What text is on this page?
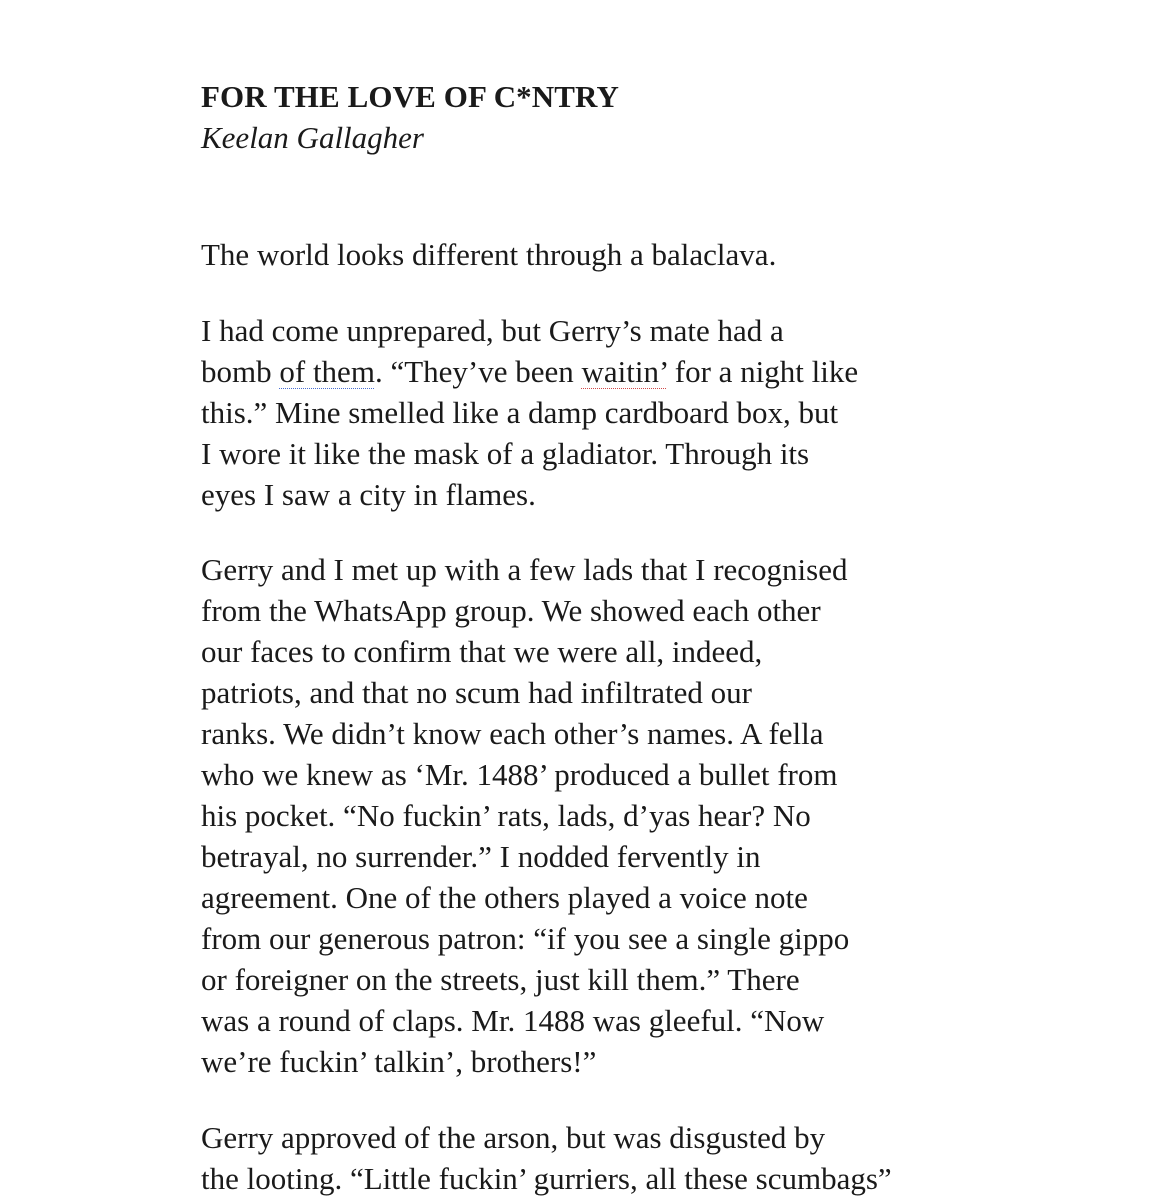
FOR THE LOVE OF C*NTRY
Keelan Gallagher

The world looks different through a balaclava.

I had come unprepared, but Gerry’s mate had a
bomb of them. “They’ve been waitin’ for a night like
this.” Mine smelled like a damp cardboard box, but
I wore it like the mask of a gladiator. Through its
eyes I saw a city in flames.

Gerry and I met up with a few lads that I recognised
from the WhatsApp group. We showed each other
our faces to confirm that we were all, indeed,
patriots, and that no scum had infiltrated our
ranks. We didn’t know each other’s names. A fella
who we knew as ‘Mr. 1488’ produced a bullet from
his pocket. “No fuckin’ rats, lads, d’yas hear? No
betrayal, no surrender.” I nodded fervently in
agreement. One of the others played a voice note
from our generous patron: “if you see a single gippo
or foreigner on the streets, just kill them.” There
was a round of claps. Mr. 1488 was gleeful. “Now
we’re fuckin’ talkin’, brothers!”

Gerry approved of the arson, but was disgusted by
the looting. “Little fuckin’ gurriers, all these scumbags”
